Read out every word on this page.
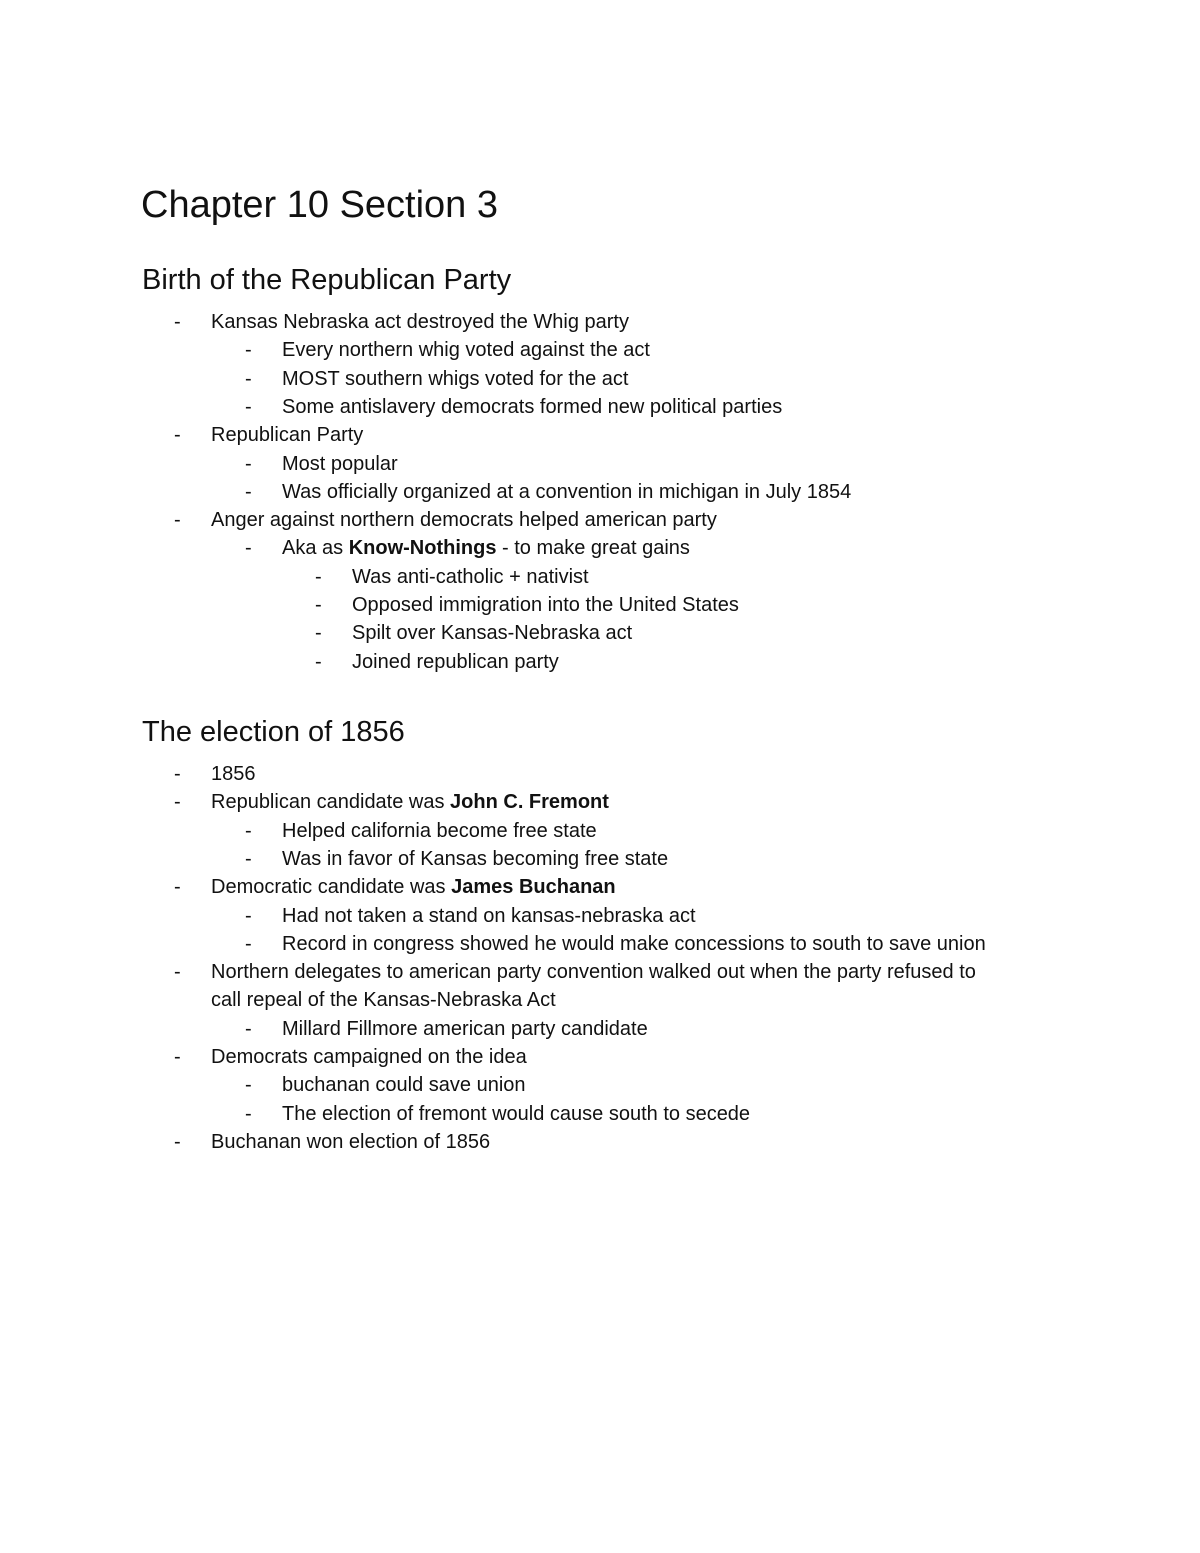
Chapter 10 Section 3
Birth of the Republican Party
- Kansas Nebraska act destroyed the Whig party
- Every northern whig voted against the act
- MOST southern whigs voted for the act
- Some antislavery democrats formed new political parties
- Republican Party
- Most popular
- Was officially organized at a convention in michigan in July 1854
- Anger against northern democrats helped american party
- Aka as Know-Nothings - to make great gains
- Was anti-catholic + nativist
- Opposed immigration into the United States
- Spilt over Kansas-Nebraska act
- Joined republican party
The election of 1856
- 1856
- Republican candidate was John C. Fremont
- Helped california become free state
- Was in favor of Kansas becoming free state
- Democratic candidate was James Buchanan
- Had not taken a stand on kansas-nebraska act
- Record in congress showed he would make concessions to south to save union
- Northern delegates to american party convention walked out when the party refused to
call repeal of the Kansas-Nebraska Act
- Millard Fillmore american party candidate
- Democrats campaigned on the idea
- buchanan could save union
- The election of fremont would cause south to secede
- Buchanan won election of 1856
